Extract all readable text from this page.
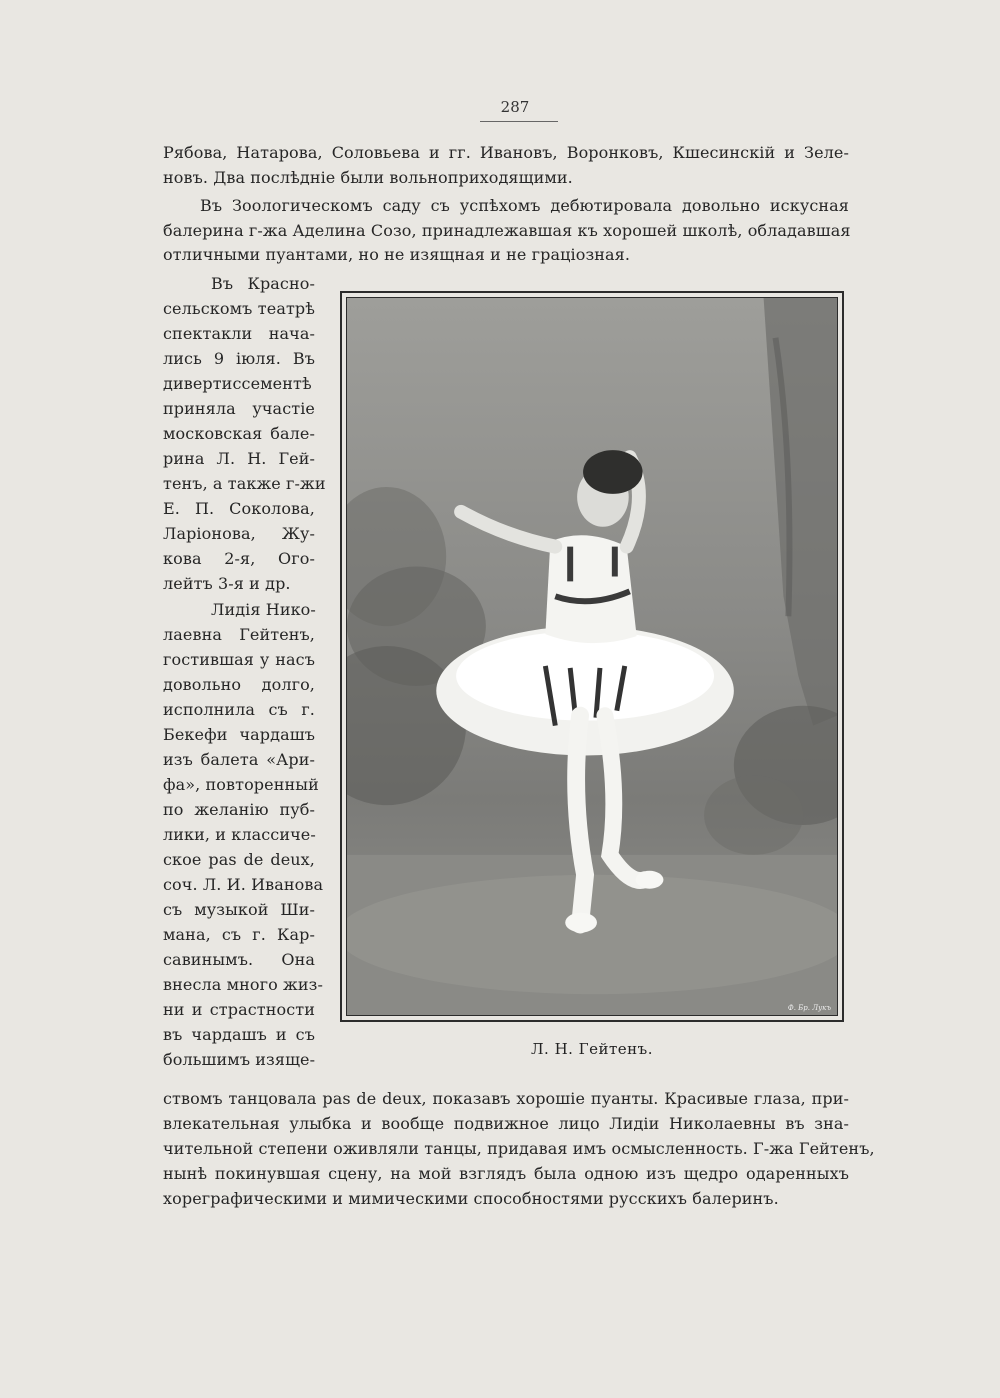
287
Рябова, Натарова, Соловьева и гг. Ивановъ, Воронковъ, Кшесинскій и Зеле-
новъ. Два послѣдніе были вольноприходящими.
Въ Зоологическомъ саду съ успѣхомъ дебютировала довольно искусная
балерина г-жа Аделина Созо, принадлежавшая къ хорошей школѣ, обладавшая
отличными пуантами, но не изящная и не граціозная.
Въ Красно-
сельскомъ театрѣ
спектакли нача-
лись 9 іюля. Въ
дивертиссементѣ
приняла участіе
московская бале-
рина Л. Н. Гей-
тенъ, а также г-жи
Е. П. Соколова,
Ларіонова, Жу-
кова 2-я, Ого-
лейтъ 3-я и др.
Лидія Нико-
лаевна Гейтенъ,
гостившая у насъ
довольно долго,
исполнила съ г.
Бекефи чардашъ
изъ балета «Ари-
фа», повторенный
по желанію пуб-
лики, и классиче-
ское pas de deux,
соч. Л. И. Иванова
съ музыкой Ши-
мана, съ г. Кар-
савинымъ. Она
внесла много жиз-
ни и страстности
въ чардашъ и съ
большимъ изяще-
Ф. Бр. Лукъ
Л. Н. Гейтенъ.
ствомъ танцовала pas de deux, показавъ хорошіе пуанты. Красивые глаза, при-
влекательная улыбка и вообще подвижное лицо Лидіи Николаевны въ зна-
чительной степени оживляли танцы, придавая имъ осмысленность. Г-жа Гейтенъ,
нынѣ покинувшая сцену, на мой взглядъ была одною изъ щедро одаренныхъ
хореграфическими и мимическими способностями русскихъ балеринъ.
